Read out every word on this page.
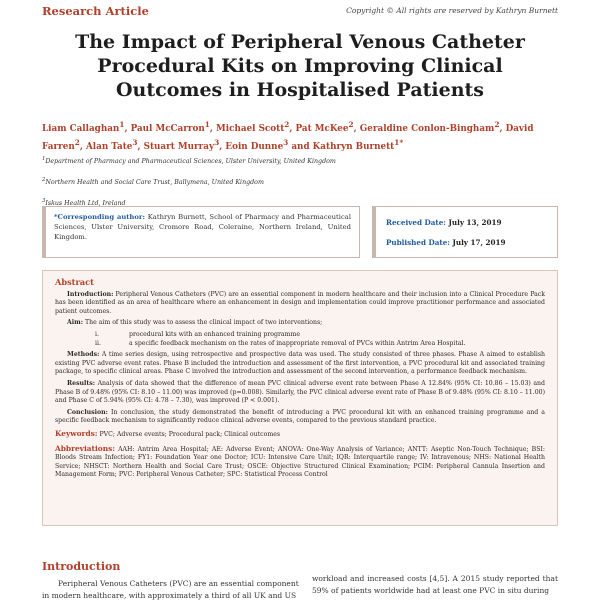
Research Article	Copyright © All rights are reserved by Kathryn Burnett
The Impact of Peripheral Venous Catheter
Procedural Kits on Improving Clinical
Outcomes in Hospitalised Patients
Liam Callaghan$^1$, Paul McCarron$^1$, Michael Scott$^2$, Pat McKee$^2$, Geraldine Conlon-Bingham$^2$, David Farren$^2$, Alan Tate$^3$, Stuart Murray$^3$, Eoin Dunne$^3$ and Kathryn Burnett$^{1*}$
$^1$Department of Pharmacy and Pharmaceutical Sciences, Ulster University, United Kingdom
$^2$Northern Health and Social Care Trust, Ballymena, United Kingdom
$^3$Iskus Health Ltd, Ireland
*Corresponding author: Kathryn Burnett, School of Pharmacy and Pharmaceutical Sciences, Ulster University, Cromore Road, Coleraine, Northern Ireland, United Kingdom.
Received Date: July 13, 2019
Published Date: July 17, 2019
Abstract

Introduction: Peripheral Venous Catheters (PVC) are an essential component in modern healthcare and their inclusion into a Clinical Procedure Pack has been identified as an area of healthcare where an enhancement in design and implementation could improve practitioner performance and associated patient outcomes.

Aim: The aim of this study was to assess the clinical impact of two interventions;

i.	procedural kits with an enhanced training programme
ii.	a specific feedback mechanism on the rates of inappropriate removal of PVCs within Antrim Area Hospital.

Methods: A time series design, using retrospective and prospective data was used. The study consisted of three phases. Phase A aimed to establish existing PVC adverse event rates. Phase B included the introduction and assessment of the first intervention, a PVC procedural kit and associated training package, to specific clinical areas. Phase C involved the introduction and assessment of the second intervention, a performance feedback mechanism.

Results: Analysis of data showed that the difference of mean PVC clinical adverse event rate between Phase A 12.84% (95% CI: 10.86 – 15.03) and Phase B of 9.48% (95% CI: 8.10 – 11.00) was improved (p=0.008). Similarly, the PVC clinical adverse event rate of Phase B of 9.48% (95% CI: 8.10 – 11.00) and Phase C of 5.94% (95% CI: 4.78 – 7.30), was improved (P < 0.001).

Conclusion: In conclusion, the study demonstrated the benefit of introducing a PVC procedural kit with an enhanced training programme and a specific feedback mechanism to significantly reduce clinical adverse events, compared to the previous standard practice.

Keywords: PVC; Adverse events; Procedural pack; Clinical outcomes
Abbreviations: AAH: Antrim Area Hospital; AE: Adverse Event; ANOVA: One-Way Analysis of Variance; ANTT: Aseptic Non-Touch Technique; BSI: Bloods Stream Infection; FY1: Foundation Year one Doctor; ICU: Intensive Care Unit; IQR: Interquartile range; IV: Intravenous; NHS: National Health Service; NHSCT: Northern Health and Social Care Trust; OSCE: Objective Structured Clinical Examination; PCIM: Peripheral Cannula Insertion and Management Form; PVC: Peripheral Venous Catheter; SPC: Statistical Process Control
Introduction
Peripheral Venous Catheters (PVC) are an essential component in modern healthcare, with approximately a third of all UK and US
workload and increased costs [4,5]. A 2015 study reported that 59% of patients worldwide had at least one PVC in situ during
